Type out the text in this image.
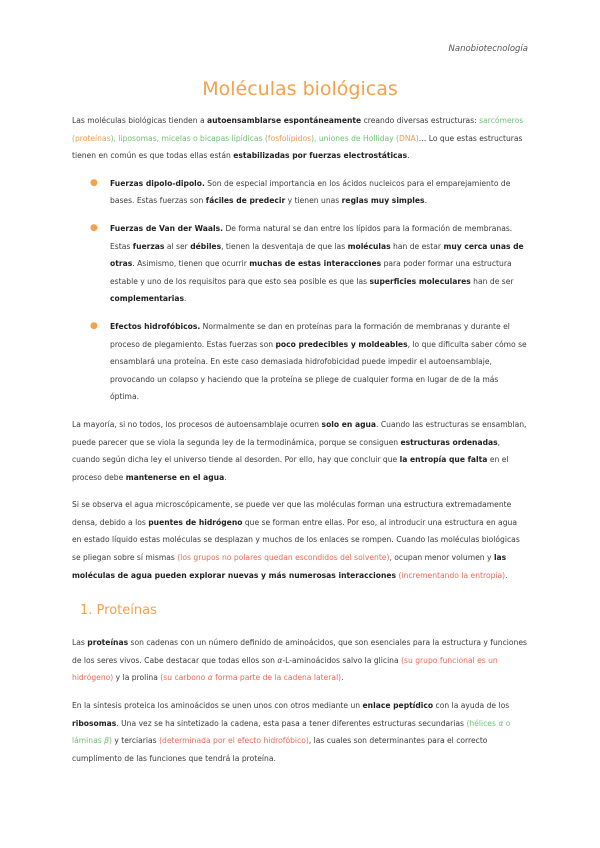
Nanobiotecnología
Moléculas biológicas

Las moléculas biológicas tienden a autoensamblarse espontáneamente creando diversas estructuras: sarcómeros (proteínas), liposomas, micelas o bicapas lipídicas (fosfolípidos), uniones de Holliday (DNA)… Lo que estas estructuras tienen en común es que todas ellas están estabilizadas por fuerzas electrostáticas.

● Fuerzas dipolo-dipolo. Son de especial importancia en los ácidos nucleicos para el emparejamiento de bases. Estas fuerzas son fáciles de predecir y tienen unas reglas muy simples.
● Fuerzas de Van der Waals. De forma natural se dan entre los lípidos para la formación de membranas. Estas fuerzas al ser débiles, tienen la desventaja de que las moléculas han de estar muy cerca unas de otras. Asimismo, tienen que ocurrir muchas de estas interacciones para poder formar una estructura estable y uno de los requisitos para que esto sea posible es que las superficies moleculares han de ser complementarias.
● Efectos hidrofóbicos. Normalmente se dan en proteínas para la formación de membranas y durante el proceso de plegamiento. Estas fuerzas son poco predecibles y moldeables, lo que dificulta saber cómo se ensamblará una proteína. En este caso demasiada hidrofobicidad puede impedir el autoensamblaje, provocando un colapso y haciendo que la proteína se pliege de cualquier forma en lugar de de la más óptima.

La mayoría, si no todos, los procesos de autoensamblaje ocurren solo en agua. Cuando las estructuras se ensamblan, puede parecer que se viola la segunda ley de la termodinámica, porque se consiguen estructuras ordenadas, cuando según dicha ley el universo tiende al desorden. Por ello, hay que concluir que la entropía que falta en el proceso debe mantenerse en el agua.

Si se observa el agua microscópicamente, se puede ver que las moléculas forman una estructura extremadamente densa, debido a los puentes de hidrógeno que se forman entre ellas. Por eso, al introducir una estructura en agua en estado líquido estas moléculas se desplazan y muchos de los enlaces se rompen. Cuando las moléculas biológicas se pliegan sobre sí mismas (los grupos no polares quedan escondidos del solvente), ocupan menor volumen y las moléculas de agua pueden explorar nuevas y más numerosas interacciones (incrementando la entropía).

1. Proteínas

Las proteínas son cadenas con un número definido de aminoácidos, que son esenciales para la estructura y funciones de los seres vivos. Cabe destacar que todas ellos son α-L-aminoácidos salvo la glicina (su grupo funcional es un hidrógeno) y la prolina (su carbono α forma parte de la cadena lateral).

En la síntesis proteica los aminoácidos se unen unos con otros mediante un enlace peptídico con la ayuda de los ribosomas. Una vez se ha sintetizado la cadena, esta pasa a tener diferentes estructuras secundarias (hélices α o láminas β) y terciarias (determinada por el efecto hidrofóbico), las cuales son determinantes para el correcto cumplimento de las funciones que tendrá la proteína.
